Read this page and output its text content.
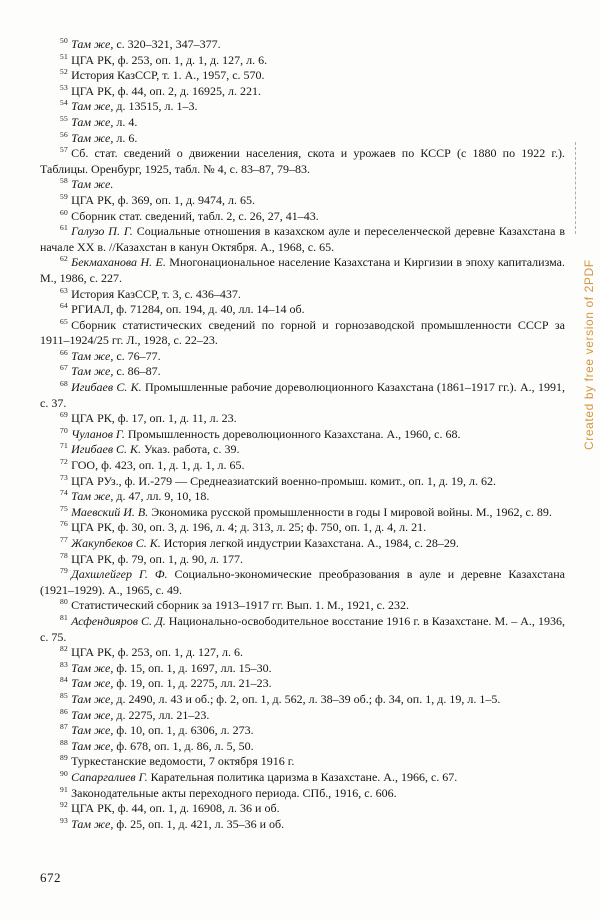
$^{50}$ Там же, с. 320–321, 347–377.

$^{51}$ ЦГА РК, ф. 253, оп. 1, д. 1, д. 127, л. 6.

$^{52}$ История КазССР, т. 1. А., 1957, с. 570.

$^{53}$ ЦГА РК, ф. 44, оп. 2, д. 16925, л. 221.

$^{54}$ Там же, д. 13515, л. 1–3.

$^{55}$ Там же, л. 4.

$^{56}$ Там же, л. 6.

$^{57}$ Сб. стат. сведений о движении населения, скота и урожаев по КССР (с 1880 по 1922 г.). Таблицы. Оренбург, 1925, табл. № 4, с. 83–87, 79–83.

$^{58}$ Там же.

$^{59}$ ЦГА РК, ф. 369, оп. 1, д. 9474, л. 65.

$^{60}$ Сборник стат. сведений, табл. 2, с. 26, 27, 41–43.

$^{61}$ Галузо П. Г. Социальные отношения в казахском ауле и переселенческой деревне Казахстана в начале XX в. //Казахстан в канун Октября. А., 1968, с. 65.

$^{62}$ Бекмаханова Н. Е. Многонациональное население Казахстана и Киргизии в эпоху капитализма. М., 1986, с. 227.

$^{63}$ История КазССР, т. 3, с. 436–437.

$^{64}$ РГИАЛ, ф. 71284, оп. 194, д. 40, лл. 14–14 об.

$^{65}$ Сборник статистических сведений по горной и горнозаводской промышленности СССР за 1911–1924/25 гг. Л., 1928, с. 22–23.

$^{66}$ Там же, с. 76–77.

$^{67}$ Там же, с. 86–87.

$^{68}$ Игибаев С. К. Промышленные рабочие дореволюционного Казахстана (1861–1917 гг.). А., 1991, с. 37.

$^{69}$ ЦГА РК, ф. 17, оп. 1, д. 11, л. 23.

$^{70}$ Чуланов Г. Промышленность дореволюционного Казахстана. А., 1960, с. 68.

$^{71}$ Игибаев С. К. Указ. работа, с. 39.

$^{72}$ ГОО, ф. 423, оп. 1, д. 1, д. 1, л. 65.

$^{73}$ ЦГА РУз., ф. И.-279 — Среднеазиатский военно-промыш. комит., оп. 1, д. 19, л. 62.

$^{74}$ Там же, д. 47, лл. 9, 10, 18.

$^{75}$ Маевский И. В. Экономика русской промышленности в годы I мировой войны. М., 1962, с. 89.

$^{76}$ ЦГА РК, ф. 30, оп. 3, д. 196, л. 4; д. 313, л. 25; ф. 750, оп. 1, д. 4, л. 21.

$^{77}$ Жакупбеков С. К. История легкой индустрии Казахстана. А., 1984, с. 28–29.

$^{78}$ ЦГА РК, ф. 79, оп. 1, д. 90, л. 177.

$^{79}$ Дахшлейгер Г. Ф. Социально-экономические преобразования в ауле и деревне Казахстана (1921–1929). А., 1965, с. 49.

$^{80}$ Статистический сборник за 1913–1917 гг. Вып. 1. М., 1921, с. 232.

$^{81}$ Асфендияров С. Д. Национально-освободительное восстание 1916 г. в Казахстане. М. – А., 1936, с. 75.

$^{82}$ ЦГА РК, ф. 253, оп. 1, д. 127, л. 6.

$^{83}$ Там же, ф. 15, оп. 1, д. 1697, лл. 15–30.

$^{84}$ Там же, ф. 19, оп. 1, д. 2275, лл. 21–23.

$^{85}$ Там же, д. 2490, л. 43 и об.; ф. 2, оп. 1, д. 562, л. 38–39 об.; ф. 34, оп. 1, д. 19, л. 1–5.

$^{86}$ Там же, д. 2275, лл. 21–23.

$^{87}$ Там же, ф. 10, оп. 1, д. 6306, л. 273.

$^{88}$ Там же, ф. 678, оп. 1, д. 86, л. 5, 50.

$^{89}$ Туркестанские ведомости, 7 октября 1916 г.

$^{90}$ Сапаргалиев Г. Карательная политика царизма в Казахстане. А., 1966, с. 67.

$^{91}$ Законодательные акты переходного периода. СПб., 1916, с. 606.

$^{92}$ ЦГА РК, ф. 44, оп. 1, д. 16908, л. 36 и об.

$^{93}$ Там же, ф. 25, оп. 1, д. 421, л. 35–36 и об.

Created by free version of 2PDF
672
